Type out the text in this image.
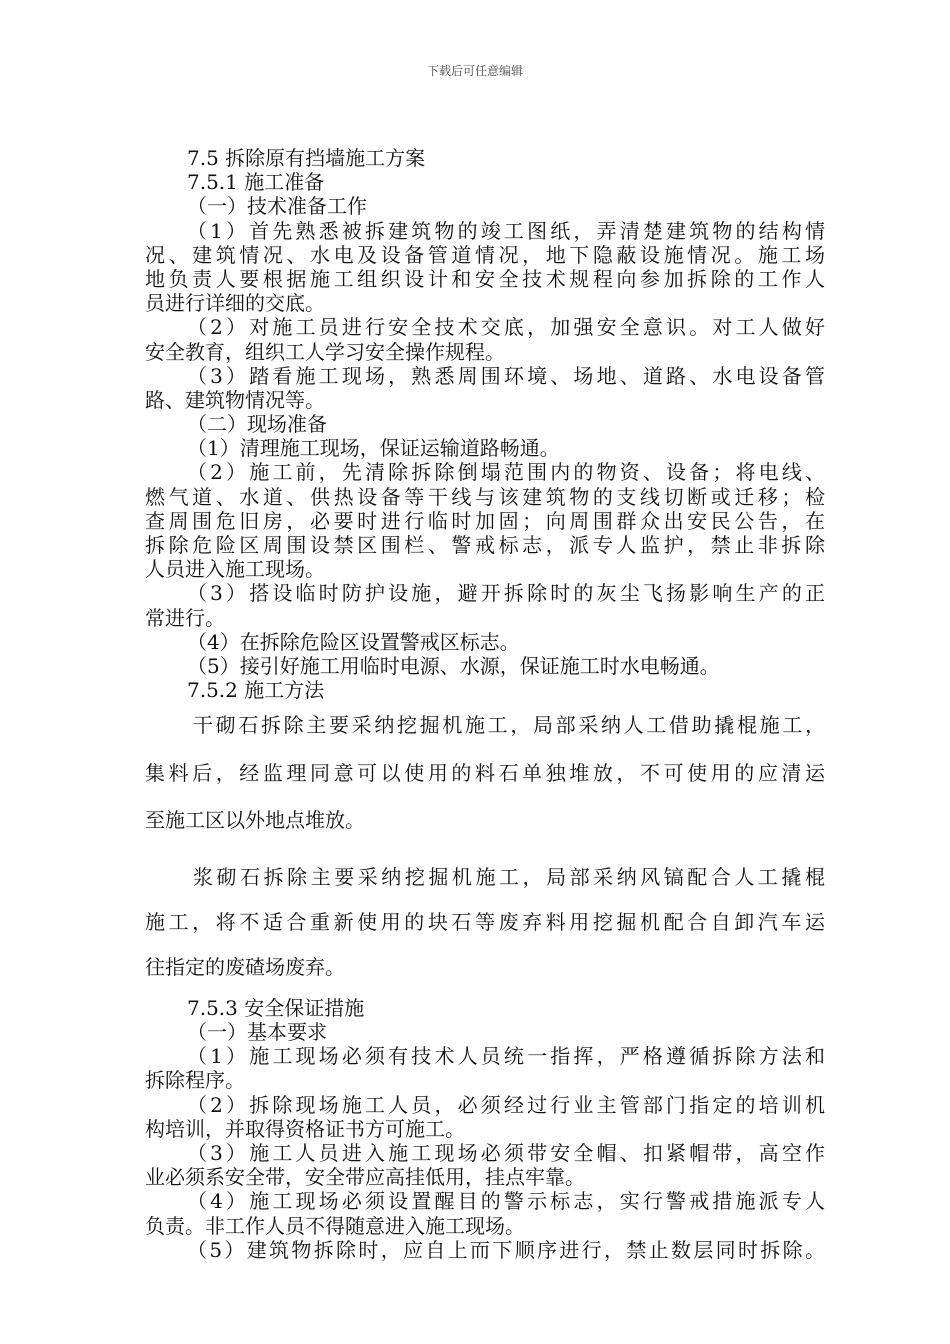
下载后可任意编辑
7.5 拆除原有挡墙施工方案
7.5.1 施工准备
（一）技术准备工作
（1）首先熟悉被拆建筑物的竣工图纸，弄清楚建筑物的结构情
况、建筑情况、水电及设备管道情况，地下隐蔽设施情况。施工场
地负责人要根据施工组织设计和安全技术规程向参加拆除的工作人
员进行详细的交底。
（2）对施工员进行安全技术交底，加强安全意识。对工人做好
安全教育，组织工人学习安全操作规程。
（3）踏看施工现场，熟悉周围环境、场地、道路、水电设备管
路、建筑物情况等。
（二）现场准备
（1）清理施工现场，保证运输道路畅通。
（2）施工前，先清除拆除倒塌范围内的物资、设备；将电线、
燃气道、水道、供热设备等干线与该建筑物的支线切断或迁移；检
查周围危旧房，必要时进行临时加固；向周围群众出安民公告，在
拆除危险区周围设禁区围栏、警戒标志，派专人监护，禁止非拆除
人员进入施工现场。
（3）搭设临时防护设施，避开拆除时的灰尘飞扬影响生产的正
常进行。
（4）在拆除危险区设置警戒区标志。
（5）接引好施工用临时电源、水源，保证施工时水电畅通。
7.5.2 施工方法
干砌石拆除主要采纳挖掘机施工，局部采纳人工借助撬棍施工，
集料后，经监理同意可以使用的料石单独堆放，不可使用的应清运
至施工区以外地点堆放。
浆砌石拆除主要采纳挖掘机施工，局部采纳风镐配合人工撬棍
施工，将不适合重新使用的块石等废弃料用挖掘机配合自卸汽车运
往指定的废碴场废弃。
7.5.3 安全保证措施
（一）基本要求
（1）施工现场必须有技术人员统一指挥，严格遵循拆除方法和
拆除程序。
（2）拆除现场施工人员，必须经过行业主管部门指定的培训机
构培训，并取得资格证书方可施工。
（3）施工人员进入施工现场必须带安全帽、扣紧帽带，高空作
业必须系安全带，安全带应高挂低用，挂点牢靠。
（4）施工现场必须设置醒目的警示标志，实行警戒措施派专人
负责。非工作人员不得随意进入施工现场。
（5）建筑物拆除时，应自上而下顺序进行，禁止数层同时拆除。
